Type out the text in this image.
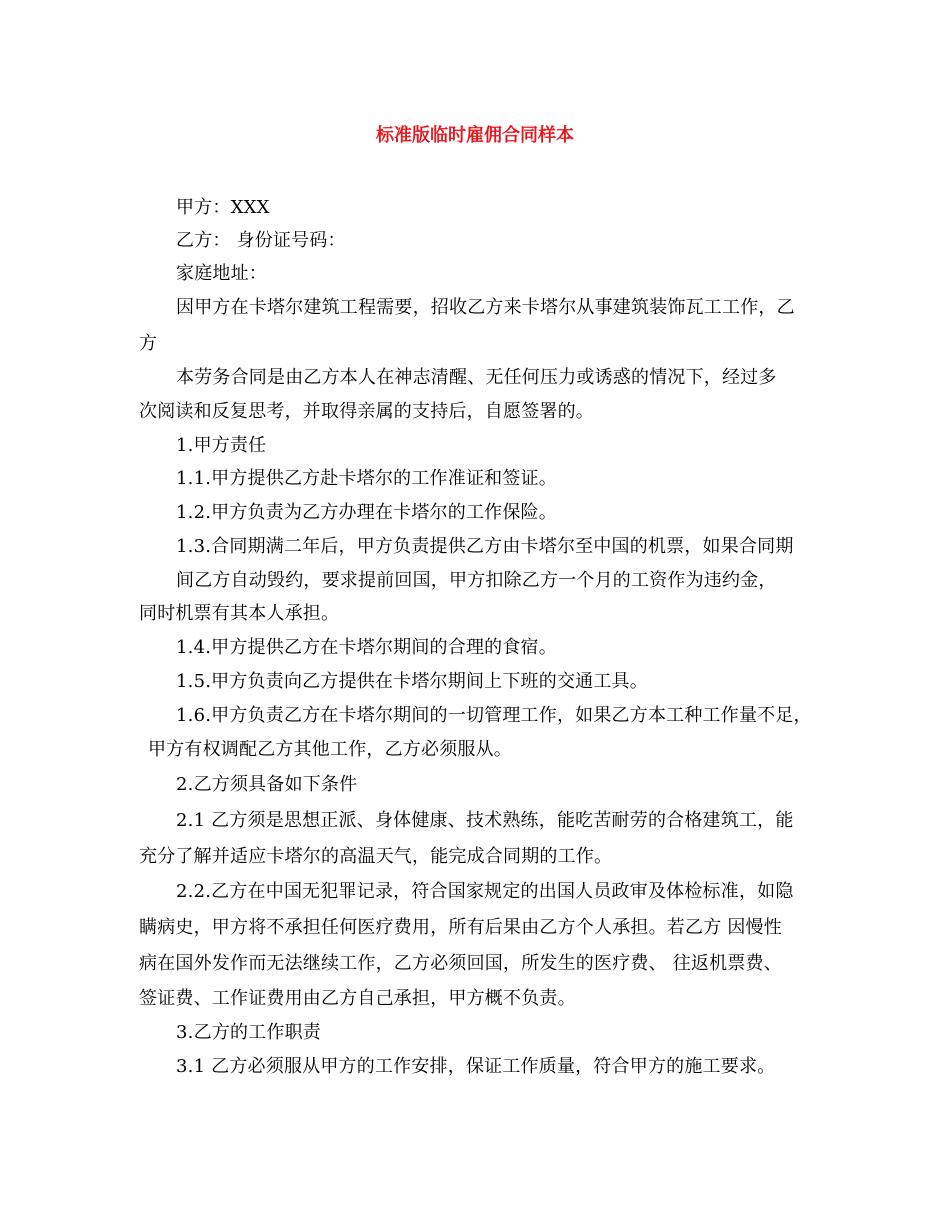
标准版临时雇佣合同样本
甲方：XXX
乙方： 身份证号码：
家庭地址：
因甲方在卡塔尔建筑工程需要，招收乙方来卡塔尔从事建筑装饰瓦工工作，乙
方
本劳务合同是由乙方本人在神志清醒、无任何压力或诱惑的情况下，经过多
次阅读和反复思考，并取得亲属的支持后，自愿签署的。
1.甲方责任
1.1.甲方提供乙方赴卡塔尔的工作准证和签证。
1.2.甲方负责为乙方办理在卡塔尔的工作保险。
1.3.合同期满二年后，甲方负责提供乙方由卡塔尔至中国的机票，如果合同期
间乙方自动毁约，要求提前回国，甲方扣除乙方一个月的工资作为违约金，
同时机票有其本人承担。
1.4.甲方提供乙方在卡塔尔期间的合理的食宿。
1.5.甲方负责向乙方提供在卡塔尔期间上下班的交通工具。
1.6.甲方负责乙方在卡塔尔期间的一切管理工作，如果乙方本工种工作量不足，
甲方有权调配乙方其他工作，乙方必须服从。
2.乙方须具备如下条件
2.1 乙方须是思想正派、身体健康、技术熟练，能吃苦耐劳的合格建筑工，能
充分了解并适应卡塔尔的高温天气，能完成合同期的工作。
2.2.乙方在中国无犯罪记录，符合国家规定的出国人员政审及体检标准，如隐
瞒病史，甲方将不承担任何医疗费用，所有后果由乙方个人承担。若乙方 因慢性
病在国外发作而无法继续工作，乙方必须回国，所发生的医疗费、 往返机票费、
签证费、工作证费用由乙方自己承担，甲方概不负责。
3.乙方的工作职责
3.1 乙方必须服从甲方的工作安排，保证工作质量，符合甲方的施工要求。
